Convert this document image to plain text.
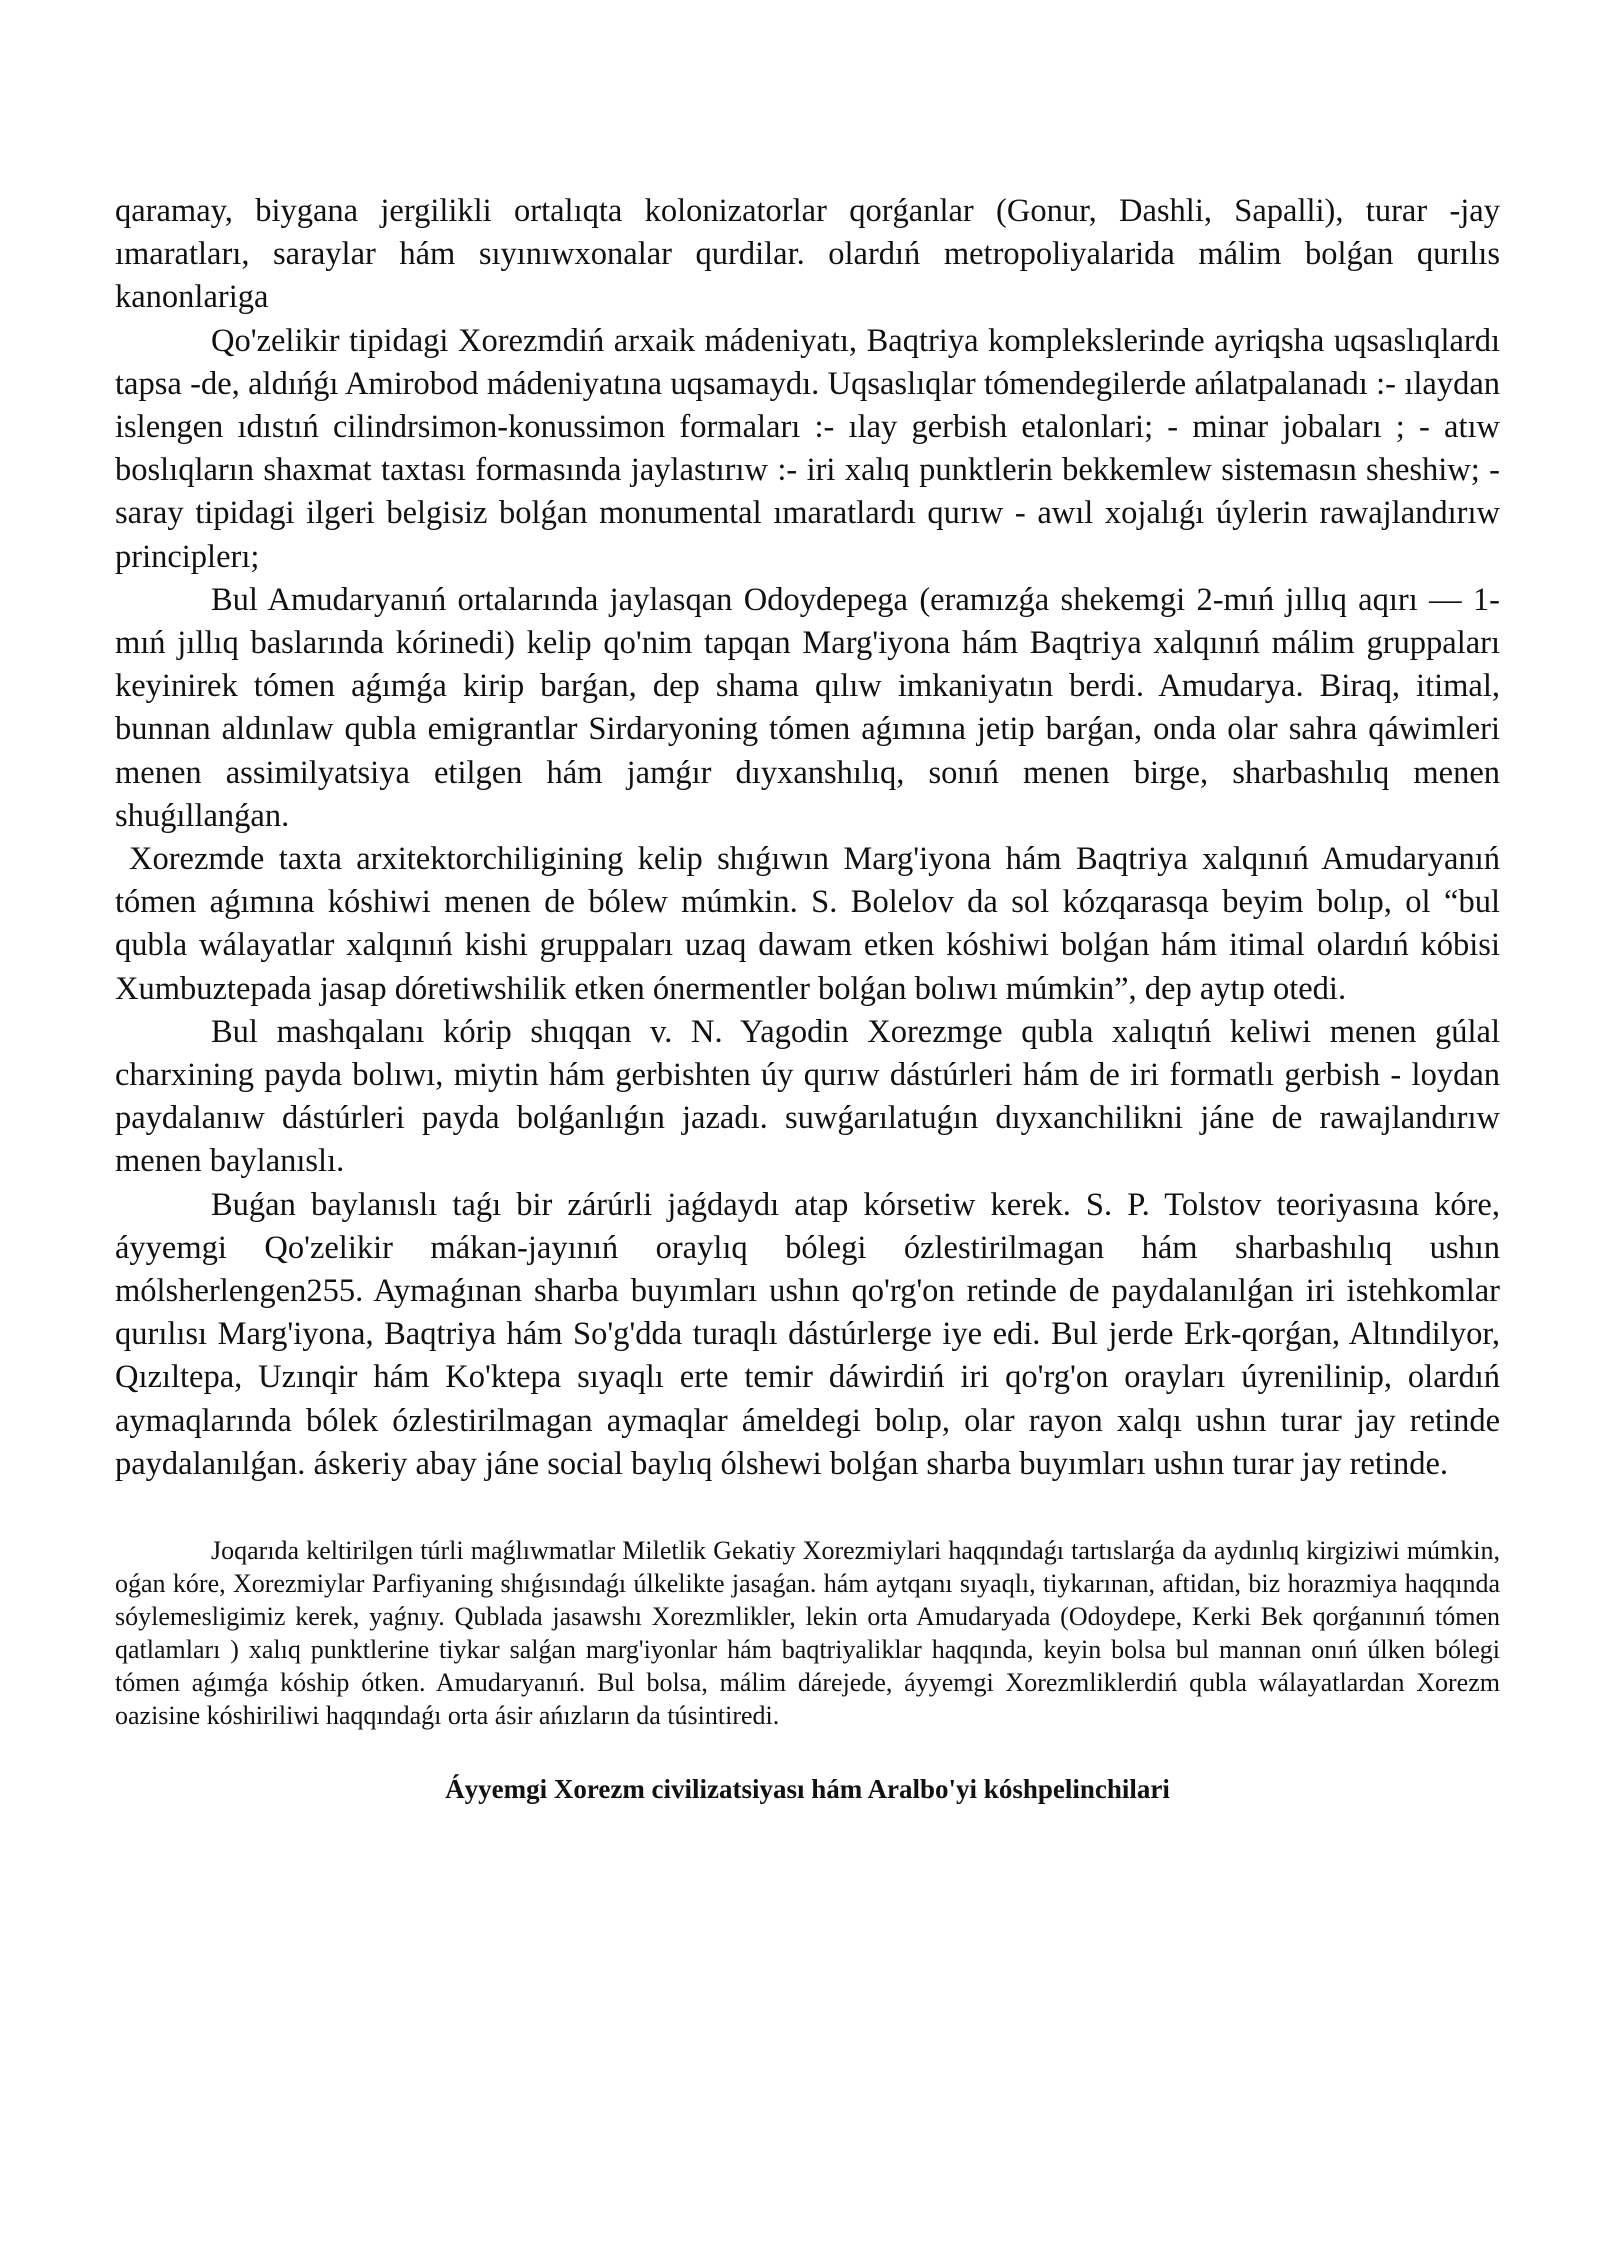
qaramay, biygana jergilikli ortalıqta kolonizatorlar qorǵanlar (Gonur, Dashli, Sapalli), turar -jay ımaratları, saraylar hám sıyınıwxonalar qurdilar. olardıń metropoliyalarida málim bolǵan qurılıs kanonlariga

Qo'zelikir tipidagi Xorezmdiń arxaik mádeniyatı, Baqtriya komplekslerinde ayriqsha uqsaslıqlardı tapsa -de, aldıńǵı Amirobod mádeniyatına uqsamaydı. Uqsaslıqlar tómendegilerde ańlatpalanadı :- ılaydan islengen ıdıstıń cilindrsimon-konussimon formaları :- ılay gerbish etalonlari; - minar jobaları ; - atıw boslıqların shaxmat taxtası formasında jaylastırıw :- iri xalıq punktlerin bekkemlew sistemasın sheshiw; - saray tipidagi ilgeri belgisiz bolǵan monumental ımaratlardı qurıw - awıl xojalıǵı úylerin rawajlandırıw principlerı;

Bul Amudaryanıń ortalarında jaylasqan Odoydepega (eramızǵa shekemgi 2-mıń jıllıq aqırı — 1-mıń jıllıq baslarında kórinedi) kelip qo'nim tapqan Marg'iyona hám Baqtriya xalqınıń málim gruppaları keyinirek tómen aǵımǵa kirip barǵan, dep shama qılıw imkaniyatın berdi. Amudarya. Biraq, itimal, bunnan aldınlaw qubla emigrantlar Sirdaryoning tómen aǵımına jetip barǵan, onda olar sahra qáwimleri menen assimilyatsiya etilgen hám jamǵır dıyxanshılıq, sonıń menen birge, sharbashılıq menen shuǵıllanǵan.

Xorezmde taxta arxitektorchiligining kelip shıǵıwın Marg'iyona hám Baqtriya xalqınıń Amudaryanıń tómen aǵımına kóshiwi menen de bólew múmkin. S. Bolelov da sol kózqarasqa beyim bolıp, ol “bul qubla wálayatlar xalqınıń kishi gruppaları uzaq dawam etken kóshiwi bolǵan hám itimal olardıń kóbisi Xumbuztepada jasap dóretiwshilik etken ónermentler bolǵan bolıwı múmkin”, dep aytıp otedi.

Bul mashqalanı kórip shıqqan v. N. Yagodin Xorezmge qubla xalıqtıń keliwi menen gúlal charxining payda bolıwı, miytin hám gerbishten úy qurıw dástúrleri hám de iri formatlı gerbish - loydan paydalanıw dástúrleri payda bolǵanlıǵın jazadı. suwǵarılatuǵın dıyxanchilikni jáne de rawajlandırıw menen baylanıslı.

Buǵan baylanıslı taǵı bir zárúrli jaǵdaydı atap kórsetiw kerek. S. P. Tolstov teoriyasına kóre, áyyemgi Qo'zelikir mákan-jayınıń oraylıq bólegi ózlestirilmagan hám sharbashılıq ushın mólsherlengen255. Aymaǵınan sharba buyımları ushın qo'rg'on retinde de paydalanılǵan iri istehkomlar qurılısı Marg'iyona, Baqtriya hám So'g'dda turaqlı dástúrlerge iye edi. Bul jerde Erk-qorǵan, Altındilyor, Qızıltepa, Uzınqir hám Ko'ktepa sıyaqlı erte temir dáwirdiń iri qo'rg'on orayları úyrenilinip, olardıń aymaqlarında bólek ózlestirilmagan aymaqlar ámeldegi bolıp, olar rayon xalqı ushın turar jay retinde paydalanılǵan. áskeriy abay jáne social baylıq ólshewi bolǵan sharba buyımları ushın turar jay retinde.

Joqarıda keltirilgen túrli maǵlıwmatlar Miletlik Gekatiy Xorezmiylari haqqındaǵı tartıslarǵa da aydınlıq kirgiziwi múmkin, oǵan kóre, Xorezmiylar Parfiyaning shıǵısındaǵı úlkelikte jasaǵan. hám aytqanı sıyaqlı, tiykarınan, aftidan, biz horazmiya haqqında sóylemesligimiz kerek, yaǵnıy. Qublada jasawshı Xorezmlikler, lekin orta Amudaryada (Odoydepe, Kerki Bek qorǵanınıń tómen qatlamları ) xalıq punktlerine tiykar salǵan marg'iyonlar hám baqtriyaliklar haqqında, keyin bolsa bul mannan onıń úlken bólegi tómen aǵımǵa kóship ótken. Amudaryanıń. Bul bolsa, málim dárejede, áyyemgi Xorezmliklerdiń qubla wálayatlardan Xorezm oazisine kóshiriliwi haqqındaǵı orta ásir ańızların da túsintiredi.

Áyyemgi Xorezm civilizatsiyası hám Aralbo'yi kóshpelinchilari
